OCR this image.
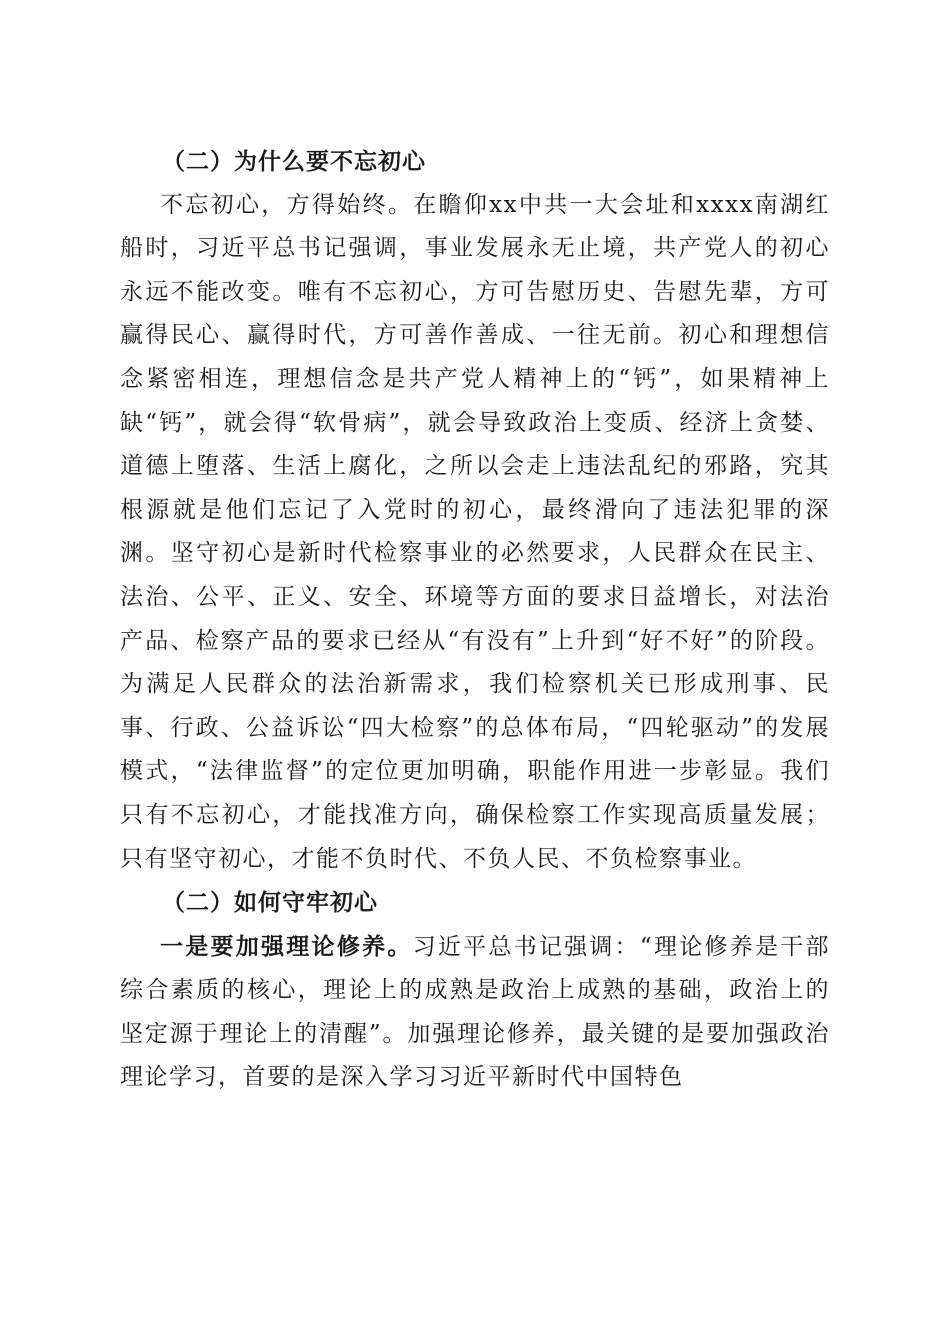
（二）为什么要不忘初心

不忘初心，方得始终。在瞻仰xx中共一大会址和xxxx南湖红船时，习近平总书记强调，事业发展永无止境，共产党人的初心永远不能改变。唯有不忘初心，方可告慰历史、告慰先辈，方可赢得民心、赢得时代，方可善作善成、一往无前。初心和理想信念紧密相连，理想信念是共产党人精神上的“钙”，如果精神上缺“钙”，就会得“软骨病”，就会导致政治上变质、经济上贪婪、道德上堕落、生活上腐化，之所以会走上违法乱纪的邪路，究其根源就是他们忘记了入党时的初心，最终滑向了违法犯罪的深渊。坚守初心是新时代检察事业的必然要求，人民群众在民主、法治、公平、正义、安全、环境等方面的要求日益增长，对法治产品、检察产品的要求已经从“有没有”上升到“好不好”的阶段。为满足人民群众的法治新需求，我们检察机关已形成刑事、民事、行政、公益诉讼“四大检察”的总体布局，“四轮驱动”的发展模式，“法律监督”的定位更加明确，职能作用进一步彰显。我们只有不忘初心，才能找准方向，确保检察工作实现高质量发展；只有坚守初心，才能不负时代、不负人民、不负检察事业。

（二）如何守牢初心

一是要加强理论修养。习近平总书记强调：“理论修养是干部综合素质的核心，理论上的成熟是政治上成熟的基础，政治上的坚定源于理论上的清醒”。加强理论修养，最关键的是要加强政治理论学习，首要的是深入学习习近平新时代中国特色
